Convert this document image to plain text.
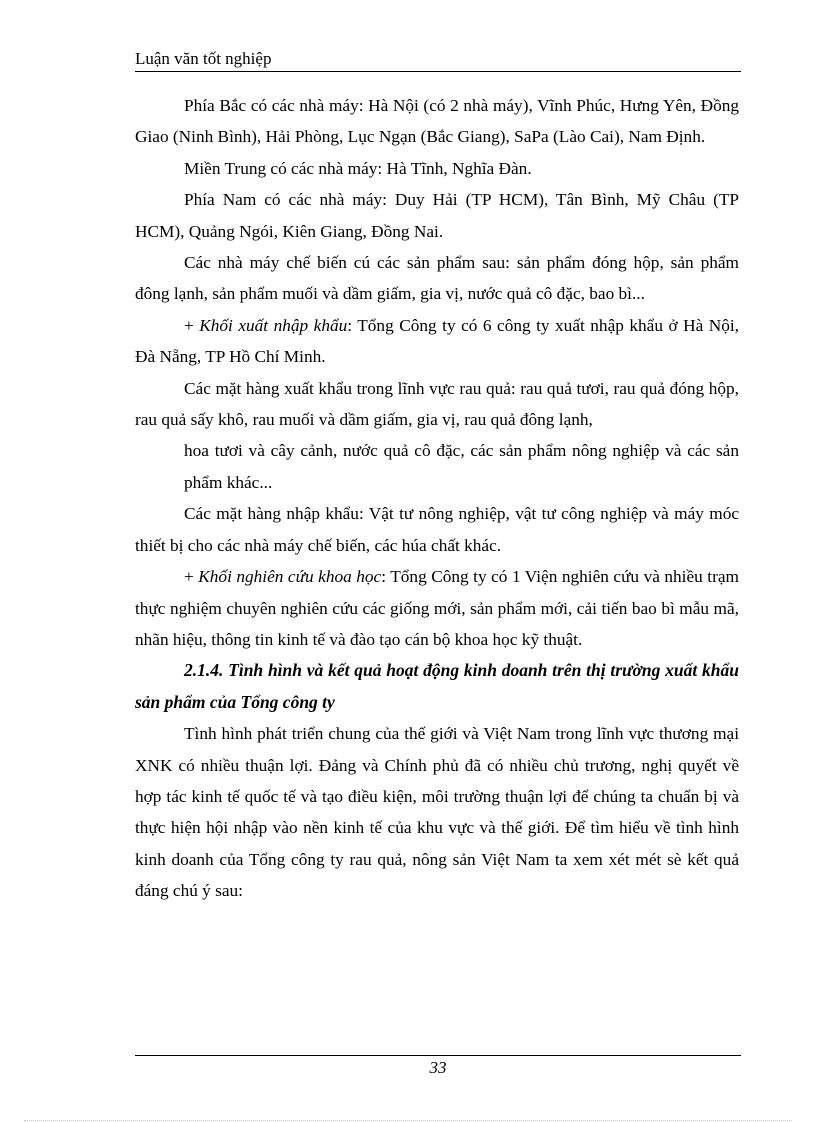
Luận văn tốt nghiệp

Phía Bắc có các nhà máy: Hà Nội (có 2 nhà máy), Vĩnh Phúc, Hưng Yên, Đồng Giao (Ninh Bình), Hải Phòng, Lục Ngạn (Bắc Giang), SaPa (Lào Cai), Nam Định.

Miền Trung có các nhà máy: Hà Tĩnh, Nghĩa Đàn.

Phía Nam có các nhà máy: Duy Hải (TP HCM), Tân Bình, Mỹ Châu (TP HCM), Quảng Ngói, Kiên Giang, Đồng Nai.

Các nhà máy chế biến cú các sản phẩm sau: sản phẩm đóng hộp, sản phẩm đông lạnh, sản phẩm muối và dầm giấm, gia vị, nước quả cô đặc, bao bì...

+ Khối xuất nhập khẩu: Tổng Công ty có 6 công ty xuất nhập khẩu ở Hà Nội, Đà Nẵng, TP Hồ Chí Minh.

Các mặt hàng xuất khẩu trong lĩnh vực rau quả: rau quả tươi, rau quả đóng hộp, rau quả sấy khô, rau muối và dầm giấm, gia vị, rau quả đông lạnh,

hoa tươi và cây cảnh, nước quả cô đặc, các sản phẩm nông nghiệp và các sản phẩm khác...

Các mặt hàng nhập khẩu: Vật tư nông nghiệp, vật tư công nghiệp và máy móc thiết bị cho các nhà máy chế biến, các húa chất khác.

+ Khối nghiên cứu khoa học: Tổng Công ty có 1 Viện nghiên cứu và nhiều trạm thực nghiệm chuyên nghiên cứu các giống mới, sản phẩm mới, cải tiến bao bì mẫu mã, nhãn hiệu, thông tin kinh tế và đào tạo cán bộ khoa học kỹ thuật.

2.1.4. Tình hình và kết quả hoạt động kinh doanh trên thị trường xuất khẩu sản phẩm của Tổng công ty

Tình hình phát triển chung của thế giới và Việt Nam trong lĩnh vực thương mại XNK có nhiều thuận lợi. Đảng và Chính phủ đã có nhiều chủ trương, nghị quyết về hợp tác kinh tế quốc tế và tạo điều kiện, môi trường thuận lợi để chúng ta chuẩn bị và thực hiện hội nhập vào nền kinh tế của khu vực và thế giới. Để tìm hiểu về tình hình kinh doanh của Tổng công ty rau quả, nông sản Việt Nam ta xem xét mét sè kết quả đáng chú ý sau:

33
